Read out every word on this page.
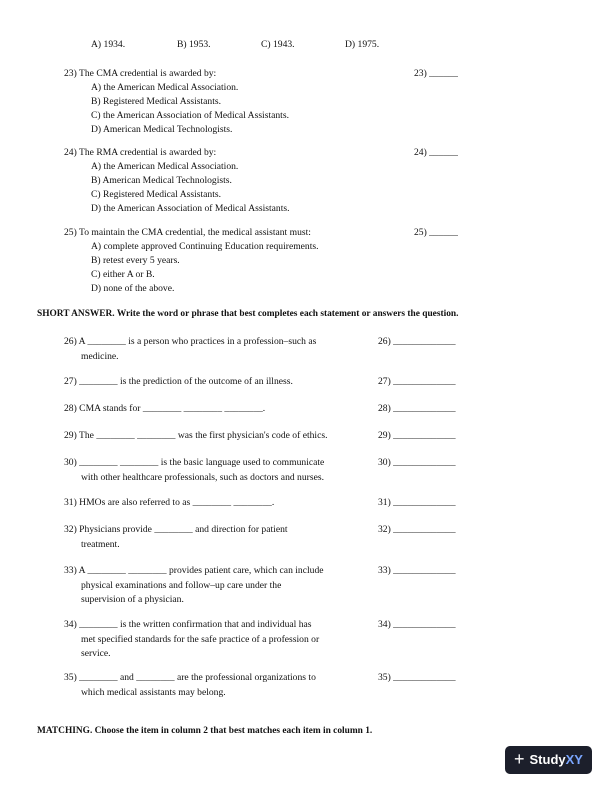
A) 1934.	B) 1953.	C) 1943.	D) 1975.
23) The CMA credential is awarded by:	23) ______
A) the American Medical Association.
B) Registered Medical Assistants.
C) the American Association of Medical Assistants.
D) American Medical Technologists.
24) The RMA credential is awarded by:	24) ______
A) the American Medical Association.
B) American Medical Technologists.
C) Registered Medical Assistants.
D) the American Association of Medical Assistants.
25) To maintain the CMA credential, the medical assistant must:	25) ______
A) complete approved Continuing Education requirements.
B) retest every 5 years.
C) either A or B.
D) none of the above.
SHORT ANSWER. Write the word or phrase that best completes each statement or answers the question.
26) A ________ is a person who practices in a profession–such as
medicine.
26) _____________
27) ________ is the prediction of the outcome of an illness.	27) _____________
28) CMA stands for ________ ________ ________.	28) _____________
29) The ________ ________ was the first physician's code of ethics.	29) _____________
30) ________ ________ is the basic language used to communicate
with other healthcare professionals, such as doctors and nurses.
30) _____________
31) HMOs are also referred to as ________ ________.	31) _____________
32) Physicians provide ________ and direction for patient
treatment.
32) _____________
33) A ________ ________ provides patient care, which can include
physical examinations and follow–up care under the
supervision of a physician.
33) _____________
34) ________ is the written confirmation that and individual has
met specified standards for the safe practice of a profession or
service.
34) _____________
35) ________ and ________ are the professional organizations to
which medical assistants may belong.
35) _____________
MATCHING. Choose the item in column 2 that best matches each item in column 1.
+ StudyXY
